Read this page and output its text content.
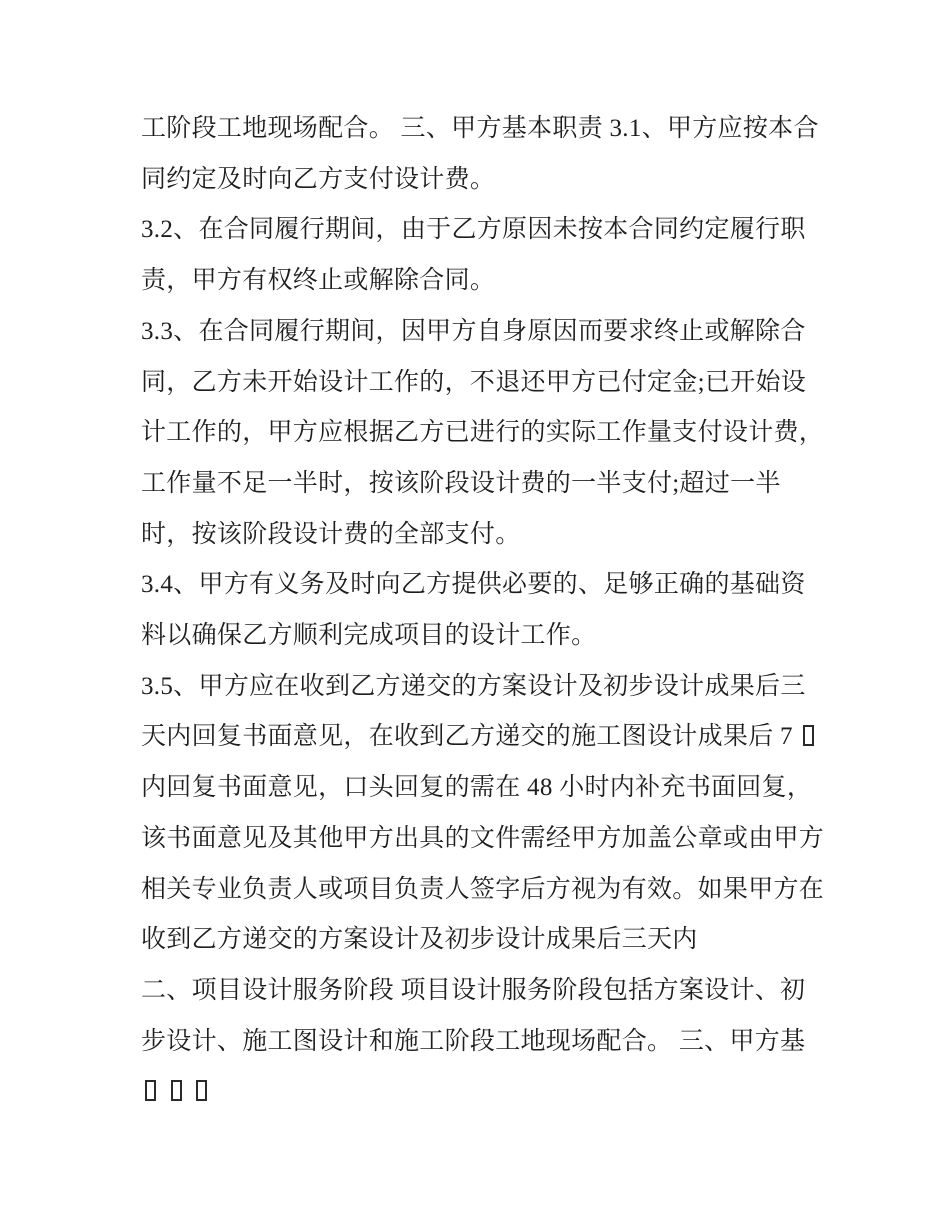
工阶段工地现场配合。 三、甲方基本职责 3.1、甲方应按本合
同约定及时向乙方支付设计费。
3.2、在合同履行期间，由于乙方原因未按本合同约定履行职
责，甲方有权终止或解除合同。
3.3、在合同履行期间，因甲方自身原因而要求终止或解除合
同，乙方未开始设计工作的，不退还甲方已付定金;已开始设
计工作的，甲方应根据乙方已进行的实际工作量支付设计费，
工作量不足一半时，按该阶段设计费的一半支付;超过一半
时，按该阶段设计费的全部支付。
3.4、甲方有义务及时向乙方提供必要的、足够正确的基础资
料以确保乙方顺利完成项目的设计工作。
3.5、甲方应在收到乙方递交的方案设计及初步设计成果后三
天内回复书面意见，在收到乙方递交的施工图设计成果后 7
内回复书面意见，口头回复的需在 48 小时内补充书面回复，
该书面意见及其他甲方出具的文件需经甲方加盖公章或由甲方
相关专业负责人或项目负责人签字后方视为有效。如果甲方在
收到乙方递交的方案设计及初步设计成果后三天内
二、项目设计服务阶段 项目设计服务阶段包括方案设计、初
步设计、施工图设计和施工阶段工地现场配合。 三、甲方基
